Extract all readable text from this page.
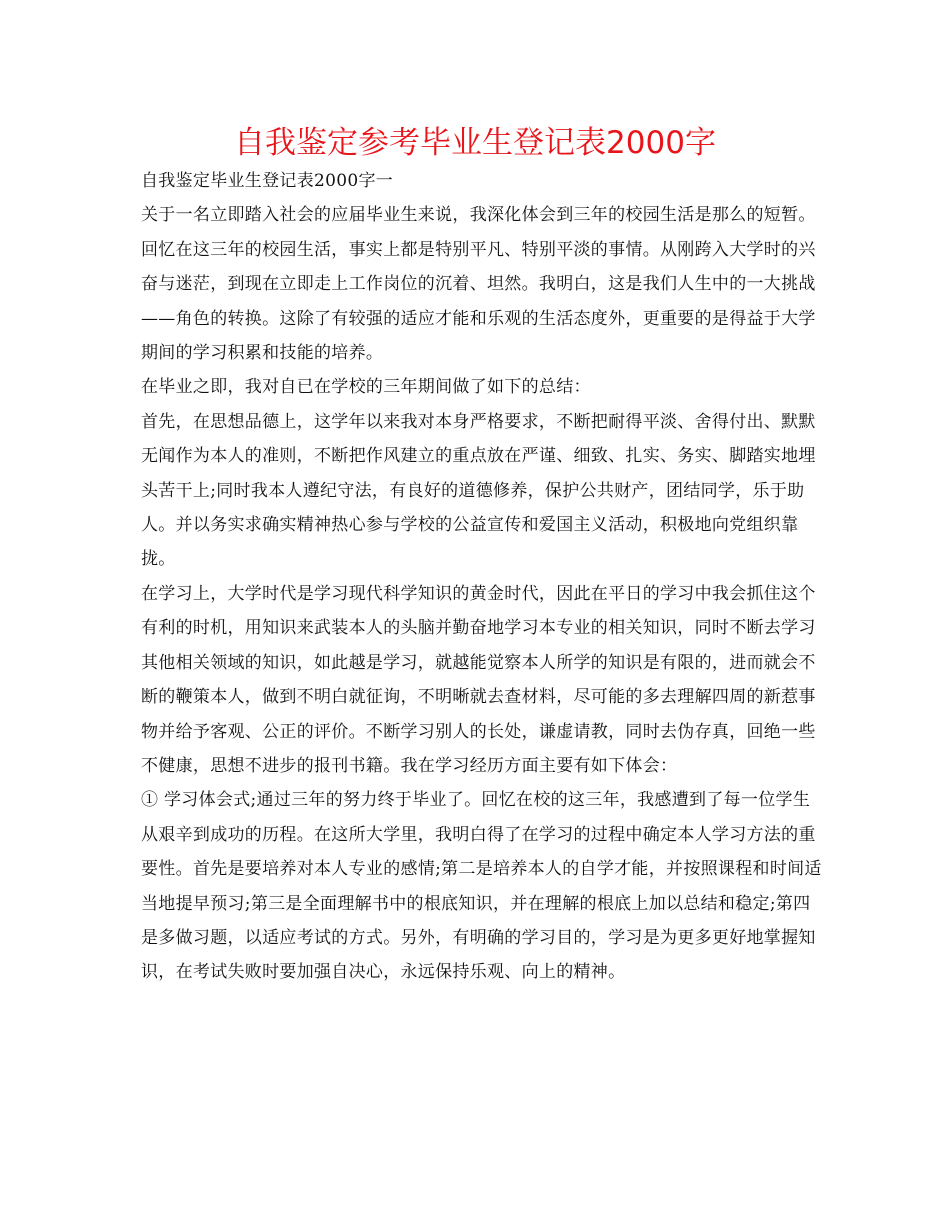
自我鉴定参考毕业生登记表2000字

自我鉴定毕业生登记表2000字一

关于一名立即踏入社会的应届毕业生来说，我深化体会到三年的校园生活是那么的短暂。回忆在这三年的校园生活，事实上都是特别平凡、特别平淡的事情。从刚跨入大学时的兴奋与迷茫，到现在立即走上工作岗位的沉着、坦然。我明白，这是我们人生中的一大挑战——角色的转换。这除了有较强的适应才能和乐观的生活态度外，更重要的是得益于大学期间的学习积累和技能的培养。

在毕业之即，我对自已在学校的三年期间做了如下的总结：

首先，在思想品德上，这学年以来我对本身严格要求，不断把耐得平淡、舍得付出、默默无闻作为本人的准则，不断把作风建立的重点放在严谨、细致、扎实、务实、脚踏实地埋头苦干上;同时我本人遵纪守法，有良好的道德修养，保护公共财产，团结同学，乐于助人。并以务实求确实精神热心参与学校的公益宣传和爱国主义活动，积极地向党组织靠拢。

在学习上，大学时代是学习现代科学知识的黄金时代，因此在平日的学习中我会抓住这个有利的时机，用知识来武装本人的头脑并勤奋地学习本专业的相关知识，同时不断去学习其他相关领域的知识，如此越是学习，就越能觉察本人所学的知识是有限的，进而就会不断的鞭策本人，做到不明白就征询，不明晰就去查材料，尽可能的多去理解四周的新惹事物并给予客观、公正的评价。不断学习别人的长处，谦虚请教，同时去伪存真，回绝一些不健康，思想不进步的报刊书籍。我在学习经历方面主要有如下体会：

① 学习体会式;通过三年的努力终于毕业了。回忆在校的这三年，我感遭到了每一位学生从艰辛到成功的历程。在这所大学里，我明白得了在学习的过程中确定本人学习方法的重要性。首先是要培养对本人专业的感情;第二是培养本人的自学才能，并按照课程和时间适当地提早预习;第三是全面理解书中的根底知识，并在理解的根底上加以总结和稳定;第四是多做习题，以适应考试的方式。另外，有明确的学习目的，学习是为更多更好地掌握知识，在考试失败时要加强自决心，永远保持乐观、向上的精神。
